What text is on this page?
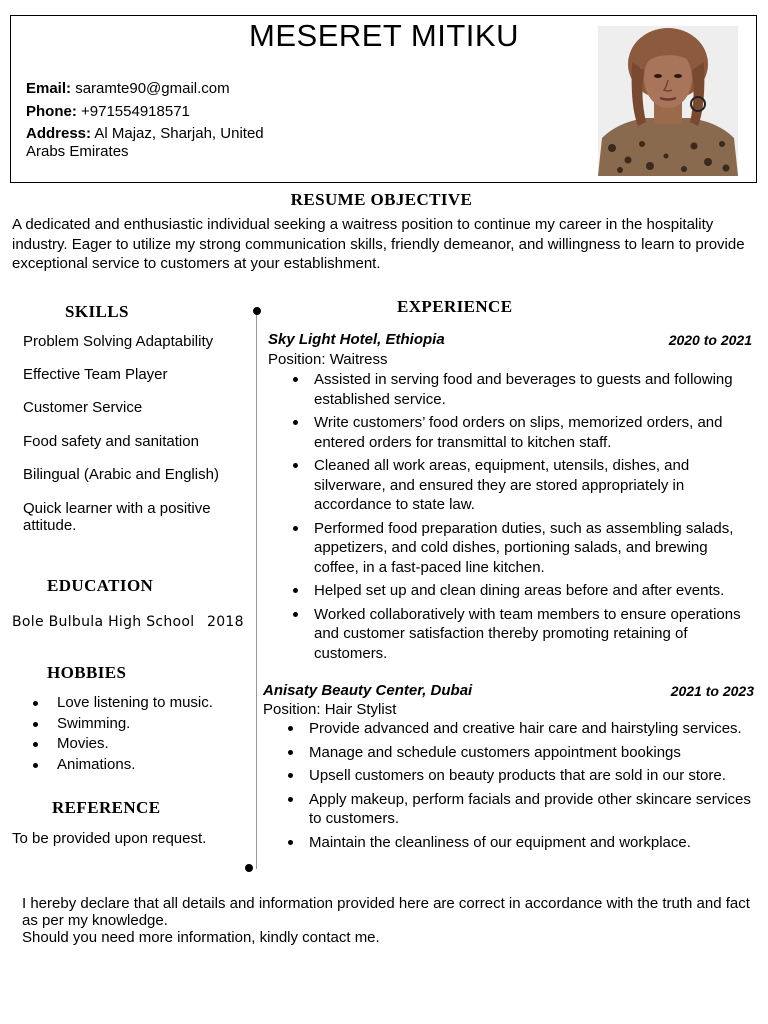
MESERET MITIKU
Email: saramte90@gmail.com
Phone: +971554918571
Address: Al Majaz, Sharjah, United
Arabs Emirates
RESUME OBJECTIVE
A dedicated and enthusiastic individual seeking a waitress position to continue my career in the hospitality industry. Eager to utilize my strong communication skills, friendly demeanor, and willingness to learn to provide exceptional service to customers at your establishment.
SKILLS
Problem Solving Adaptability
Effective Team Player
Customer Service
Food safety and sanitation
Bilingual (Arabic and English)
Quick learner with a positive attitude.
EDUCATION
Bole Bulbula High School 2018
HOBBIES
Love listening to music.
Swimming.
Movies.
Animations.
REFERENCE
To be provided upon request.
EXPERIENCE
Sky Light Hotel, Ethiopia	2020 to 2021
Position: Waitress
Assisted in serving food and beverages to guests and following established service.
Write customers’ food orders on slips, memorized orders, and entered orders for transmittal to kitchen staff.
Cleaned all work areas, equipment, utensils, dishes, and silverware, and ensured they are stored appropriately in accordance to state law.
Performed food preparation duties, such as assembling salads, appetizers, and cold dishes, portioning salads, and brewing coffee, in a fast-paced line kitchen.
Helped set up and clean dining areas before and after events.
Worked collaboratively with team members to ensure operations and customer satisfaction thereby promoting retaining of customers.
Anisaty Beauty Center, Dubai	2021 to 2023
Position: Hair Stylist
Provide advanced and creative hair care and hairstyling services.
Manage and schedule customers appointment bookings
Upsell customers on beauty products that are sold in our store.
Apply makeup, perform facials and provide other skincare services to customers.
Maintain the cleanliness of our equipment and workplace.
I hereby declare that all details and information provided here are correct in accordance with the truth and fact as per my knowledge.
Should you need more information, kindly contact me.
